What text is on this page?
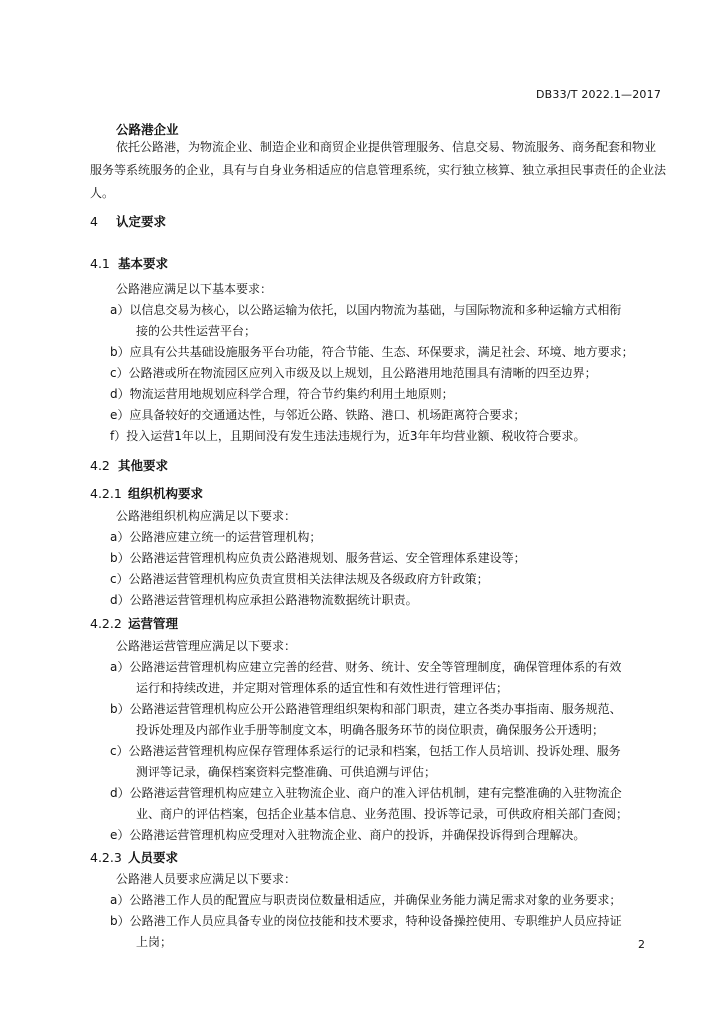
DB33/T 2022.1—2017
公路港企业
依托公路港，为物流企业、制造企业和商贸企业提供管理服务、信息交易、物流服务、商务配套和物业服务等系统服务的企业，具有与自身业务相适应的信息管理系统，实行独立核算、独立承担民事责任的企业法人。
4 认定要求
4.1 基本要求
公路港应满足以下基本要求：
a）以信息交易为核心，以公路运输为依托，以国内物流为基础，与国际物流和多种运输方式相衔
接的公共性运营平台；
b）应具有公共基础设施服务平台功能，符合节能、生态、环保要求，满足社会、环境、地方要求；
c）公路港或所在物流园区应列入市级及以上规划，且公路港用地范围具有清晰的四至边界；
d）物流运营用地规划应科学合理，符合节约集约利用土地原则；
e）应具备较好的交通通达性，与邻近公路、铁路、港口、机场距离符合要求；
f）投入运营1年以上，且期间没有发生违法违规行为，近3年年均营业额、税收符合要求。
4.2 其他要求
4.2.1 组织机构要求
公路港组织机构应满足以下要求：
a）公路港应建立统一的运营管理机构；
b）公路港运营管理机构应负责公路港规划、服务营运、安全管理体系建设等；
c）公路港运营管理机构应负责宣贯相关法律法规及各级政府方针政策；
d）公路港运营管理机构应承担公路港物流数据统计职责。
4.2.2 运营管理
公路港运营管理应满足以下要求：
a）公路港运营管理机构应建立完善的经营、财务、统计、安全等管理制度，确保管理体系的有效
运行和持续改进，并定期对管理体系的适宜性和有效性进行管理评估；
b）公路港运营管理机构应公开公路港管理组织架构和部门职责，建立各类办事指南、服务规范、
投诉处理及内部作业手册等制度文本，明确各服务环节的岗位职责，确保服务公开透明；
c）公路港运营管理机构应保存管理体系运行的记录和档案，包括工作人员培训、投诉处理、服务
测评等记录，确保档案资料完整准确、可供追溯与评估；
d）公路港运营管理机构应建立入驻物流企业、商户的准入评估机制，建有完整准确的入驻物流企
业、商户的评估档案，包括企业基本信息、业务范围、投诉等记录，可供政府相关部门查阅；
e）公路港运营管理机构应受理对入驻物流企业、商户的投诉，并确保投诉得到合理解决。
4.2.3 人员要求
公路港人员要求应满足以下要求：
a）公路港工作人员的配置应与职责岗位数量相适应，并确保业务能力满足需求对象的业务要求；
b）公路港工作人员应具备专业的岗位技能和技术要求，特种设备操控使用、专职维护人员应持证
上岗；	2
